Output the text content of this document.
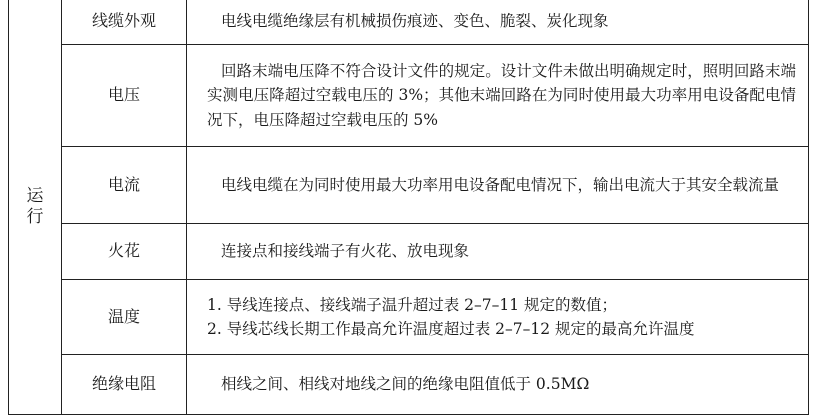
运行	线缆外观	电线电缆绝缘层有机械损伤痕迹、变色、脆裂、炭化现象

	电压	回路末端电压降不符合设计文件的规定。设计文件未做出明确规定时，照明回路末端实测电压降超过空载电压的 3%；其他末端回路在为同时使用最大功率用电设备配电情况下，电压降超过空载电压的 5%

	电流	电线电缆在为同时使用最大功率用电设备配电情况下，输出电流大于其安全载流量

	火花	连接点和接线端子有火花、放电现象

	温度	1. 导线连接点、接线端子温升超过表 2–7–11 规定的数值；
2. 导线芯线长期工作最高允许温度超过表 2–7–12 规定的最高允许温度

	绝缘电阻	相线之间、相线对地线之间的绝缘电阻值低于 0.5MΩ
